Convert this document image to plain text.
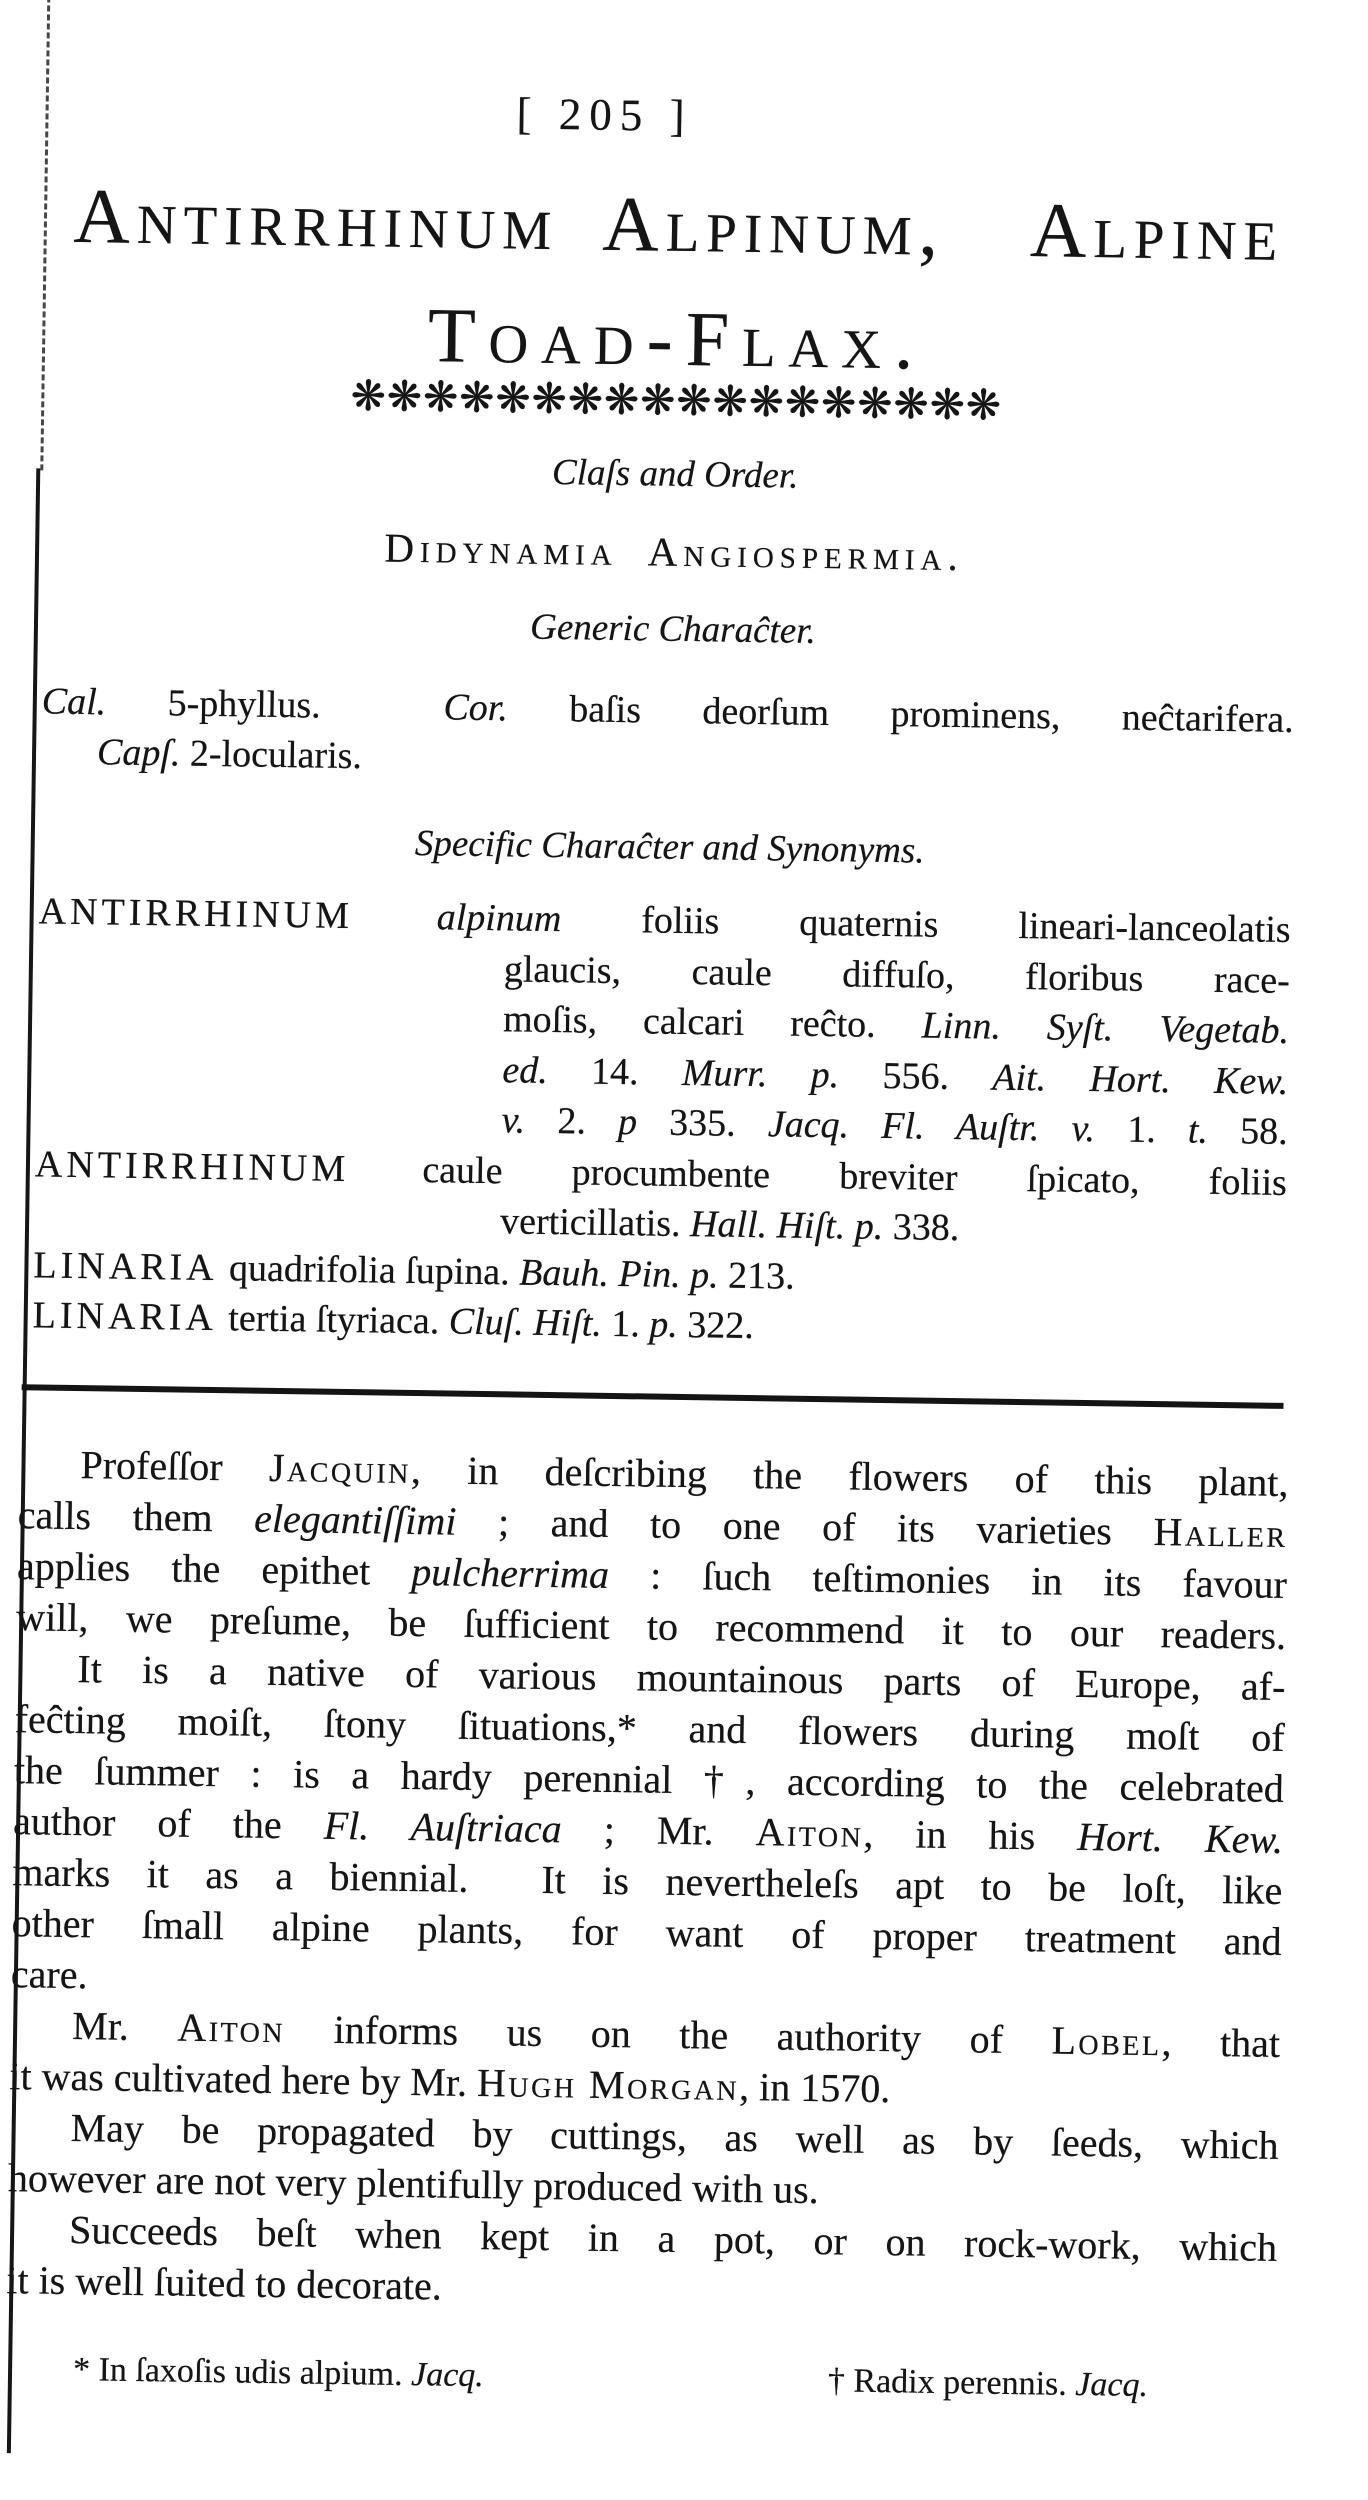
[ 205 ]
Antirrhinum Alpinum, Alpine
Toad-Flax.
❋❋❋❋❋❋❋❋❋❋❋❋❋❋❋❋❋❋
Claſs and Order.
Didynamia Angiospermia.
Generic Charaĉter.
Cal. 5-phyllus.  Cor. baſis deorſum prominens, neĉtarifera.
Capſ. 2-locularis.
Specific Charaĉter and Synonyms.
ANTIRRHINUM alpinum foliis quaternis lineari-lanceolatis
glaucis, caule diffuſo, floribus race-
moſis, calcari reĉto. Linn. Syſt. Vegetab.
ed. 14. Murr. p. 556. Ait. Hort. Kew.
v. 2. p 335. Jacq. Fl. Auſtr. v. 1. t. 58.
ANTIRRHINUM caule procumbente breviter ſpicato, foliis
verticillatis. Hall. Hiſt. p. 338.
LINARIA quadrifolia ſupina. Bauh. Pin. p. 213.
LINARIA tertia ſtyriaca. Cluſ. Hiſt. 1. p. 322.
Profeſſor Jacquin, in deſcribing the flowers of this plant,
calls them elegantiſſimi ; and to one of its varieties Haller
applies the epithet pulcherrima : ſuch teſtimonies in its favour
will, we preſume, be ſufficient to recommend it to our readers.
It is a native of various mountainous parts of Europe, af-
feĉting moiſt, ſtony ſituations,* and flowers during moſt of
the ſummer : is a hardy perennial †, according to the celebrated
author of the Fl. Auſtriaca ; Mr. Aiton, in his Hort. Kew.
marks it as a biennial.  It is nevertheleſs apt to be loſt, like
other ſmall alpine plants, for want of proper treatment and
care.
Mr. Aiton informs us on the authority of Lobel, that
it was cultivated here by Mr. Hugh Morgan, in 1570.
May be propagated by cuttings, as well as by ſeeds, which
however are not very plentifully produced with us.
Succeeds beſt when kept in a pot, or on rock-work, which
it is well ſuited to decorate.
* In ſaxoſis udis alpium. Jacq.	† Radix perennis. Jacq.
